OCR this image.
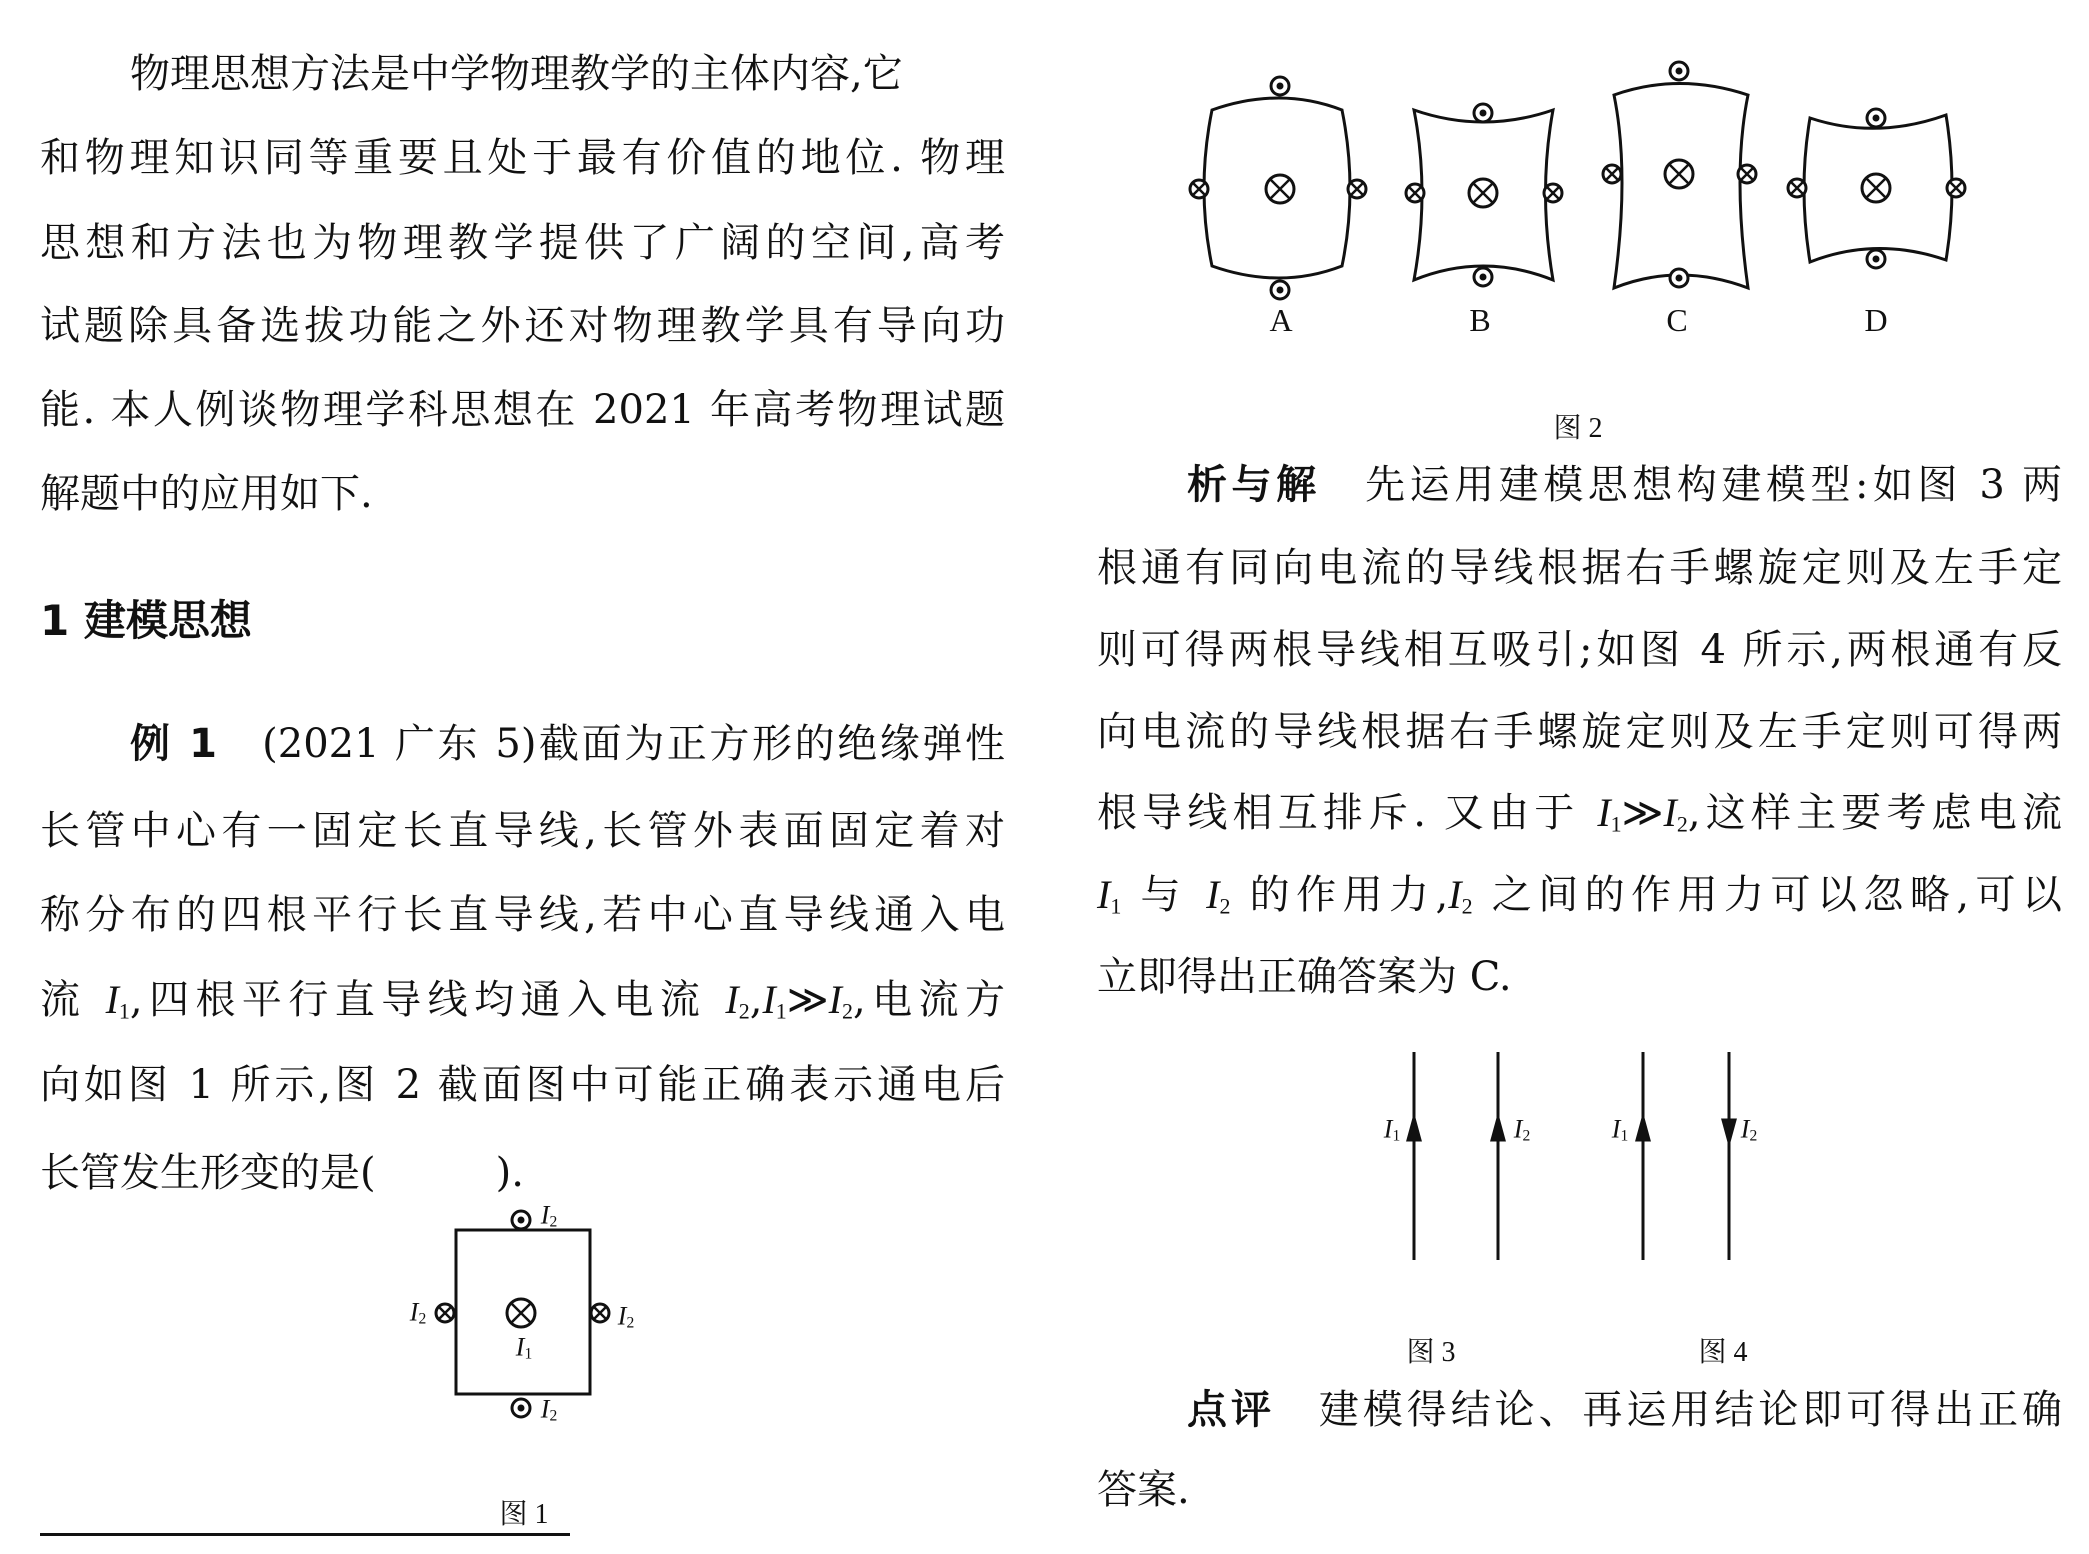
物理思想方法是中学物理教学的主体内容,它
和物理知识同等重要且处于最有价值的地位. 物理
思想和方法也为物理教学提供了广阔的空间,高考
试题除具备选拔功能之外还对物理教学具有导向功
能. 本人例谈物理学科思想在 2021 年高考物理试题
解题中的应用如下.
1 建模思想
例 1　(2021 广东 5)截面为正方形的绝缘弹性
长管中心有一固定长直导线,长管外表面固定着对
称分布的四根平行长直导线,若中心直导线通入电
流 $I_1$,四根平行直导线均通入电流 $I_2,I_1≫I_2$,电流方
向如图 1 所示,图 2 截面图中可能正确表示通电后
长管发生形变的是(　　　).
$I_2$
$I_2$
$I_2$	$I_2$
$I_1$
图 1
A	B	C	D
图 2
析与解　先运用建模思想构建模型:如图 3 两
根通有同向电流的导线根据右手螺旋定则及左手定
则可得两根导线相互吸引;如图 4 所示,两根通有反
向电流的导线根据右手螺旋定则及左手定则可得两
根导线相互排斥. 又由于 $I_1≫I_2$,这样主要考虑电流
$I_1$ 与 $I_2$ 的作用力$,I_2$ 之间的作用力可以忽略,可以
立即得出正确答案为 C.
$I_1$	$I_2$	$I_1$	$I_2$
图 3	图 4
点评　建模得结论、再运用结论即可得出正确
答案.
